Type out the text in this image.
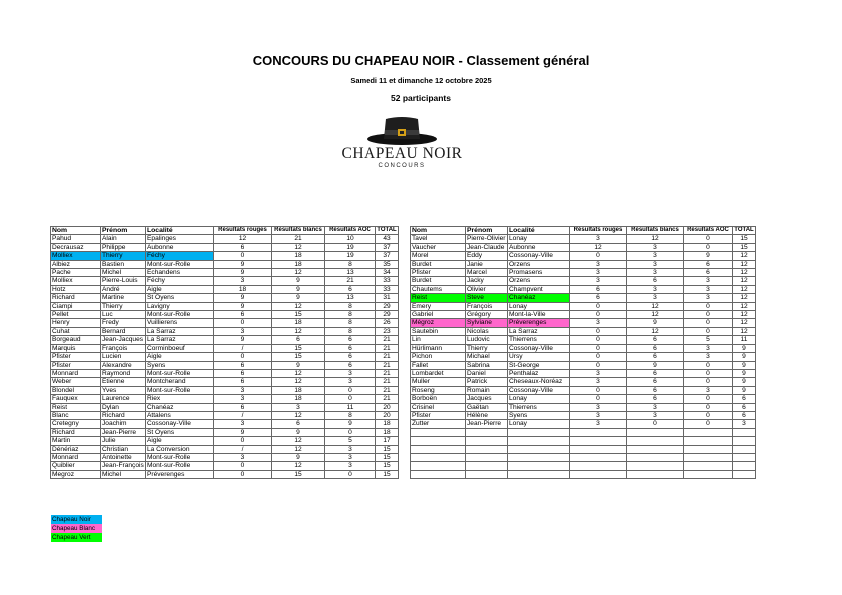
CONCOURS DU CHAPEAU NOIR - Classement général
Samedi 11 et dimanche 12 octobre 2025
52 participants
CHAPEAU NOIR
CONCOURS
Nom	Prénom	Localité	Résultats rouges	Résultats blancs	Résultats AOC	TOTAL
Pahud	Alain	Epalinges	12	21	10	43
Decrausaz	Philippe	Aubonne	6	12	19	37
Molliex	Thierry	Féchy	0	18	19	37
Albiez	Bastien	Mont-sur-Rolle	9	18	8	35
Pache	Michel	Echandens	9	12	13	34
Molliex	Pierre-Louis	Féchy	3	9	21	33
Hotz	André	Aigle	18	9	6	33
Richard	Martine	St Oyens	9	9	13	31
Ciampi	Thierry	Lavigny	9	12	8	29
Pellet	Luc	Mont-sur-Rolle	6	15	8	29
Henry	Fredy	Vuillierens	0	18	8	26
Cuhat	Bernard	La Sarraz	3	12	8	23
Borgeaud	Jean-Jacques	La Sarraz	9	6	6	21
Marquis	François	Corminboeuf	/	15	6	21
Pfister	Lucien	Aigle	0	15	6	21
Pfister	Alexandre	Syens	6	9	6	21
Monnard	Raymond	Mont-sur-Rolle	6	12	3	21
Weber	Etienne	Montcherand	6	12	3	21
Blondel	Yves	Mont-sur-Rolle	3	18	0	21
Fauquex	Laurence	Riex	3	18	0	21
Reist	Dylan	Chanéaz	6	3	11	20
Blanc	Richard	Attalens	/	12	8	20
Cretegny	Joachim	Cossonay-Ville	3	6	9	18
Richard	Jean-Pierre	St Oyens	9	9	0	18
Martin	Julie	Aigle	0	12	5	17
Dénériaz	Christian	La Conversion	/	12	3	15
Monnard	Antoinette	Mont-sur-Rolle	3	9	3	15
Quiblier	Jean-François	Mont-sur-Rolle	0	12	3	15
Megroz	Michel	Préverenges	0	15	0	15
Nom	Prénom	Localité	Résultats rouges	Résultats blancs	Résultats AOC	TOTAL
Tavel	Pierre-Olivier	Lonay	3	12	0	15
Vaucher	Jean-Claude	Aubonne	12	3	0	15
Morel	Eddy	Cossonay-Ville	0	3	9	12
Burdet	Janie	Orzens	3	3	6	12
Pfister	Marcel	Promasens	3	3	6	12
Burdet	Jacky	Orzens	3	6	3	12
Chautems	Olivier	Champvent	6	3	3	12
Reist	Steve	Chanéaz	6	3	3	12
Emery	François	Lonay	0	12	0	12
Gabriel	Grégory	Mont-la-Ville	0	12	0	12
Mégroz	Sylviane	Préverenges	3	9	0	12
Sautebin	Nicolas	La Sarraz	0	12	0	12
Lin	Ludovic	Thierrens	0	6	5	11
Hürlimann	Thierry	Cossonay-Ville	0	6	3	9
Pichon	Michael	Ursy	0	6	3	9
Fallet	Sabrina	St-George	0	9	0	9
Lombardet	Daniel	Penthalaz	3	6	0	9
Muller	Patrick	Cheseaux-Noréaz	3	6	0	9
Roseng	Romain	Cossonay-Ville	0	6	3	9
Borboën	Jacques	Lonay	0	6	0	6
Crisinel	Gaëtan	Thierrens	3	3	0	6
Pfister	Hélène	Syens	3	3	0	6
Zutter	Jean-Pierre	Lonay	3	0	0	3

Chapeau Noir
Chapeau Blanc
Chapeau Vert
